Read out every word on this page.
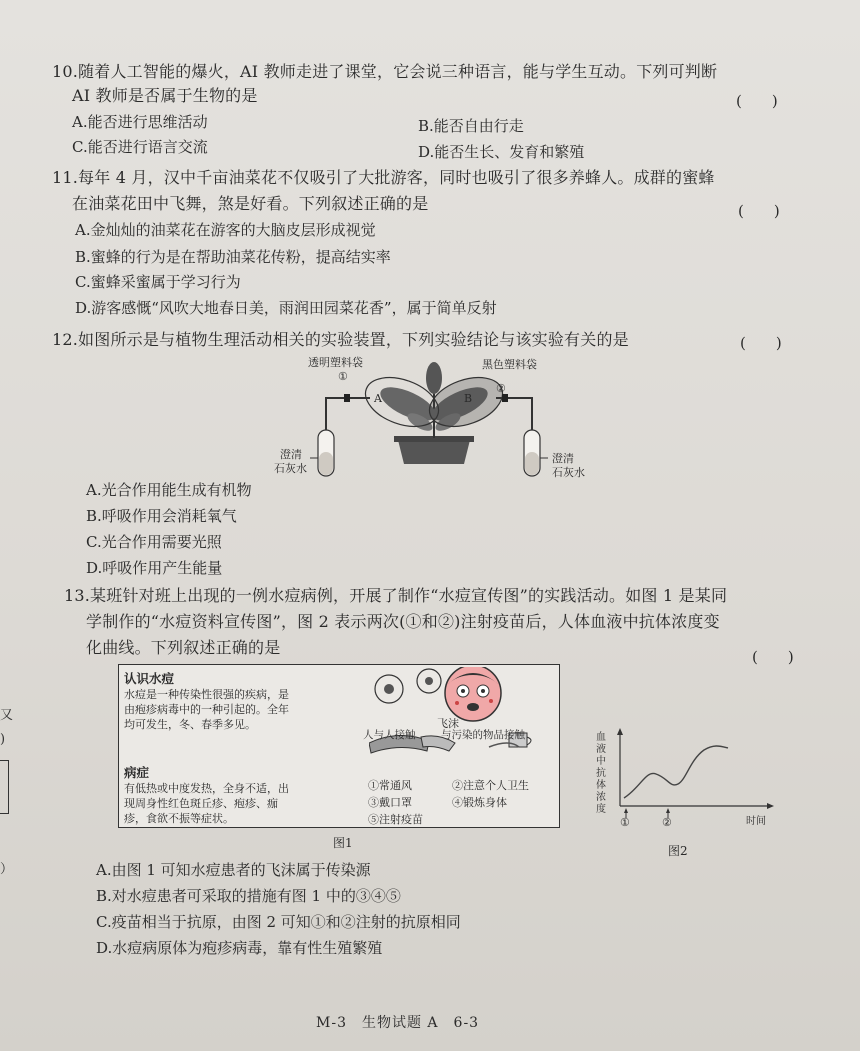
10.随着人工智能的爆火，AI 教师走进了课堂，它会说三种语言，能与学生互动。下列可判断
AI 教师是否属于生物的是	(　　)
A.能否进行思维活动	B.能否自由行走
C.能否进行语言交流	D.能否生长、发育和繁殖
11.每年 4 月，汉中千亩油菜花不仅吸引了大批游客，同时也吸引了很多养蜂人。成群的蜜蜂
在油菜花田中飞舞，煞是好看。下列叙述正确的是	(　　)
A.金灿灿的油菜花在游客的大脑皮层形成视觉
B.蜜蜂的行为是在帮助油菜花传粉，提高结实率
C.蜜蜂采蜜属于学习行为
D.游客感慨“风吹大地春日美，雨润田园菜花香”，属于简单反射
12.如图所示是与植物生理活动相关的实验装置，下列实验结论与该实验有关的是	(　　)
透明塑料袋	黑色塑料袋
①
②
A	B
澄清
石灰水
澄清
石灰水
A.光合作用能生成有机物
B.呼吸作用会消耗氧气
C.光合作用需要光照
D.呼吸作用产生能量
13.某班针对班上出现的一例水痘病例，开展了制作“水痘宣传图”的实践活动。如图 1 是某同
学制作的“水痘资料宣传图”，图 2 表示两次(①和②)注射疫苗后，人体血液中抗体浓度变
化曲线。下列叙述正确的是	(　　)
认识水痘
水痘是一种传染性很强的疾病，是
由疱疹病毒中的一种引起的。全年
均可发生，冬、春季多见。
病症
有低热或中度发热，全身不适，出
现周身性红色斑丘疹、疱疹、痂
疹，食欲不振等症状。
飞沫
人与人接触 与污染的物品接触
①常通风	②注意个人卫生
③戴口罩	④锻炼身体
⑤注射疫苗
图1
血液中抗体浓度
①	②	时间
图2
A.由图 1 可知水痘患者的飞沫属于传染源
B.对水痘患者可采取的措施有图 1 中的③④⑤
C.疫苗相当于抗原，由图 2 可知①和②注射的抗原相同
D.水痘病原体为疱疹病毒，靠有性生殖繁殖
又
)
）
M-3　生物试题 A　6-3
